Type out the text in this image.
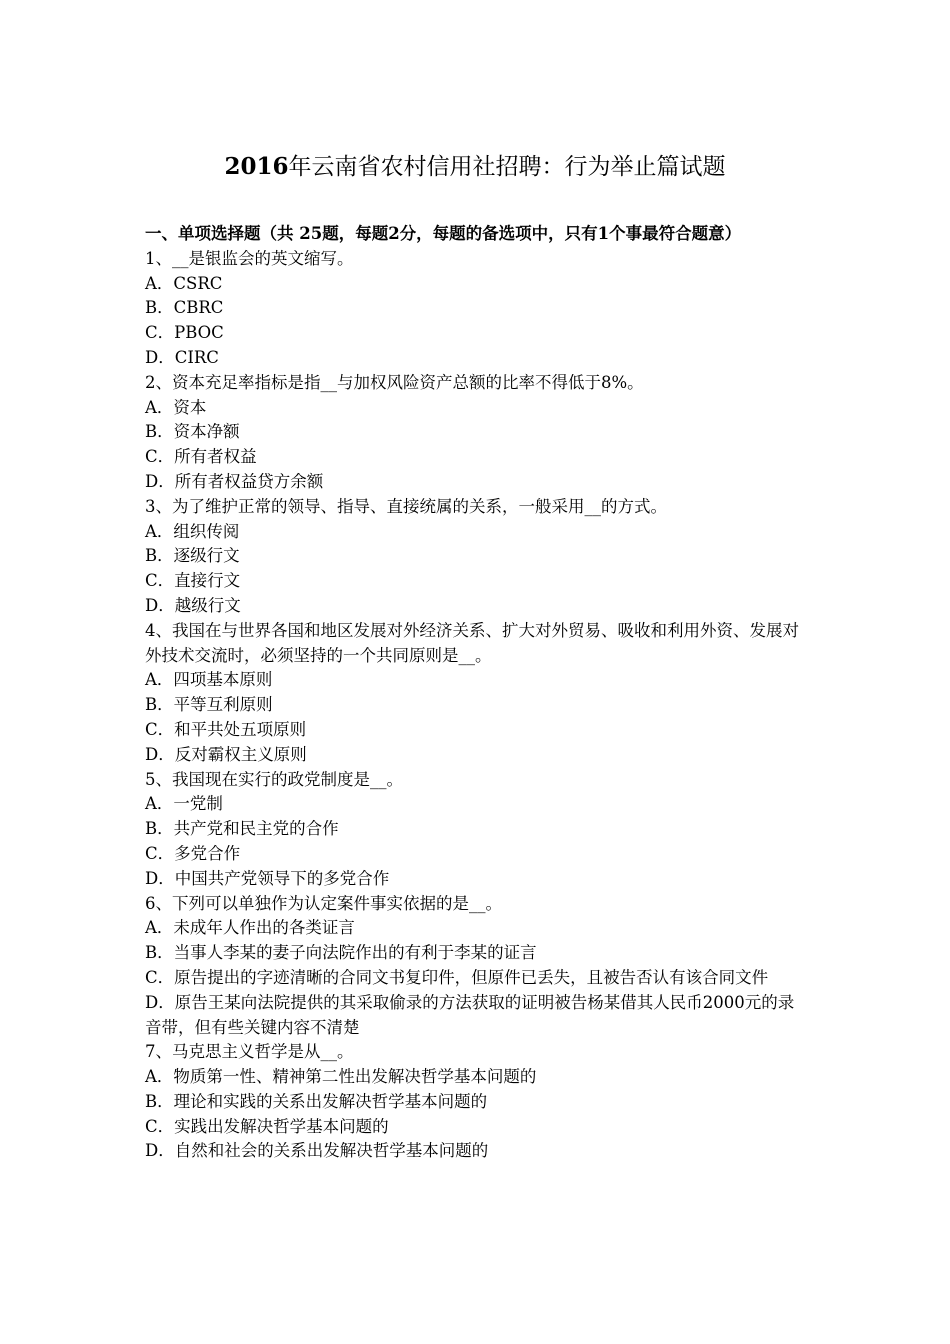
2016年云南省农村信用社招聘：行为举止篇试题
一、单项选择题（共 25题，每题2分，每题的备选项中，只有1个事最符合题意）
1、__是银监会的英文缩写。
A．CSRC
B．CBRC
C．PBOC
D．CIRC
2、资本充足率指标是指__与加权风险资产总额的比率不得低于8%。
A．资本
B．资本净额
C．所有者权益
D．所有者权益贷方余额
3、为了维护正常的领导、指导、直接统属的关系，一般采用__的方式。
A．组织传阅
B．逐级行文
C．直接行文
D．越级行文
4、我国在与世界各国和地区发展对外经济关系、扩大对外贸易、吸收和利用外资、发展对外技术交流时，必须坚持的一个共同原则是__。
A．四项基本原则
B．平等互利原则
C．和平共处五项原则
D．反对霸权主义原则
5、我国现在实行的政党制度是__。
A．一党制
B．共产党和民主党的合作
C．多党合作
D．中国共产党领导下的多党合作
6、下列可以单独作为认定案件事实依据的是__。
A．未成年人作出的各类证言
B．当事人李某的妻子向法院作出的有利于李某的证言
C．原告提出的字迹清晰的合同文书复印件，但原件已丢失，且被告否认有该合同文件
D．原告王某向法院提供的其采取偷录的方法获取的证明被告杨某借其人民币2000元的录音带，但有些关键内容不清楚
7、马克思主义哲学是从__。
A．物质第一性、精神第二性出发解决哲学基本问题的
B．理论和实践的关系出发解决哲学基本问题的
C．实践出发解决哲学基本问题的
D．自然和社会的关系出发解决哲学基本问题的
